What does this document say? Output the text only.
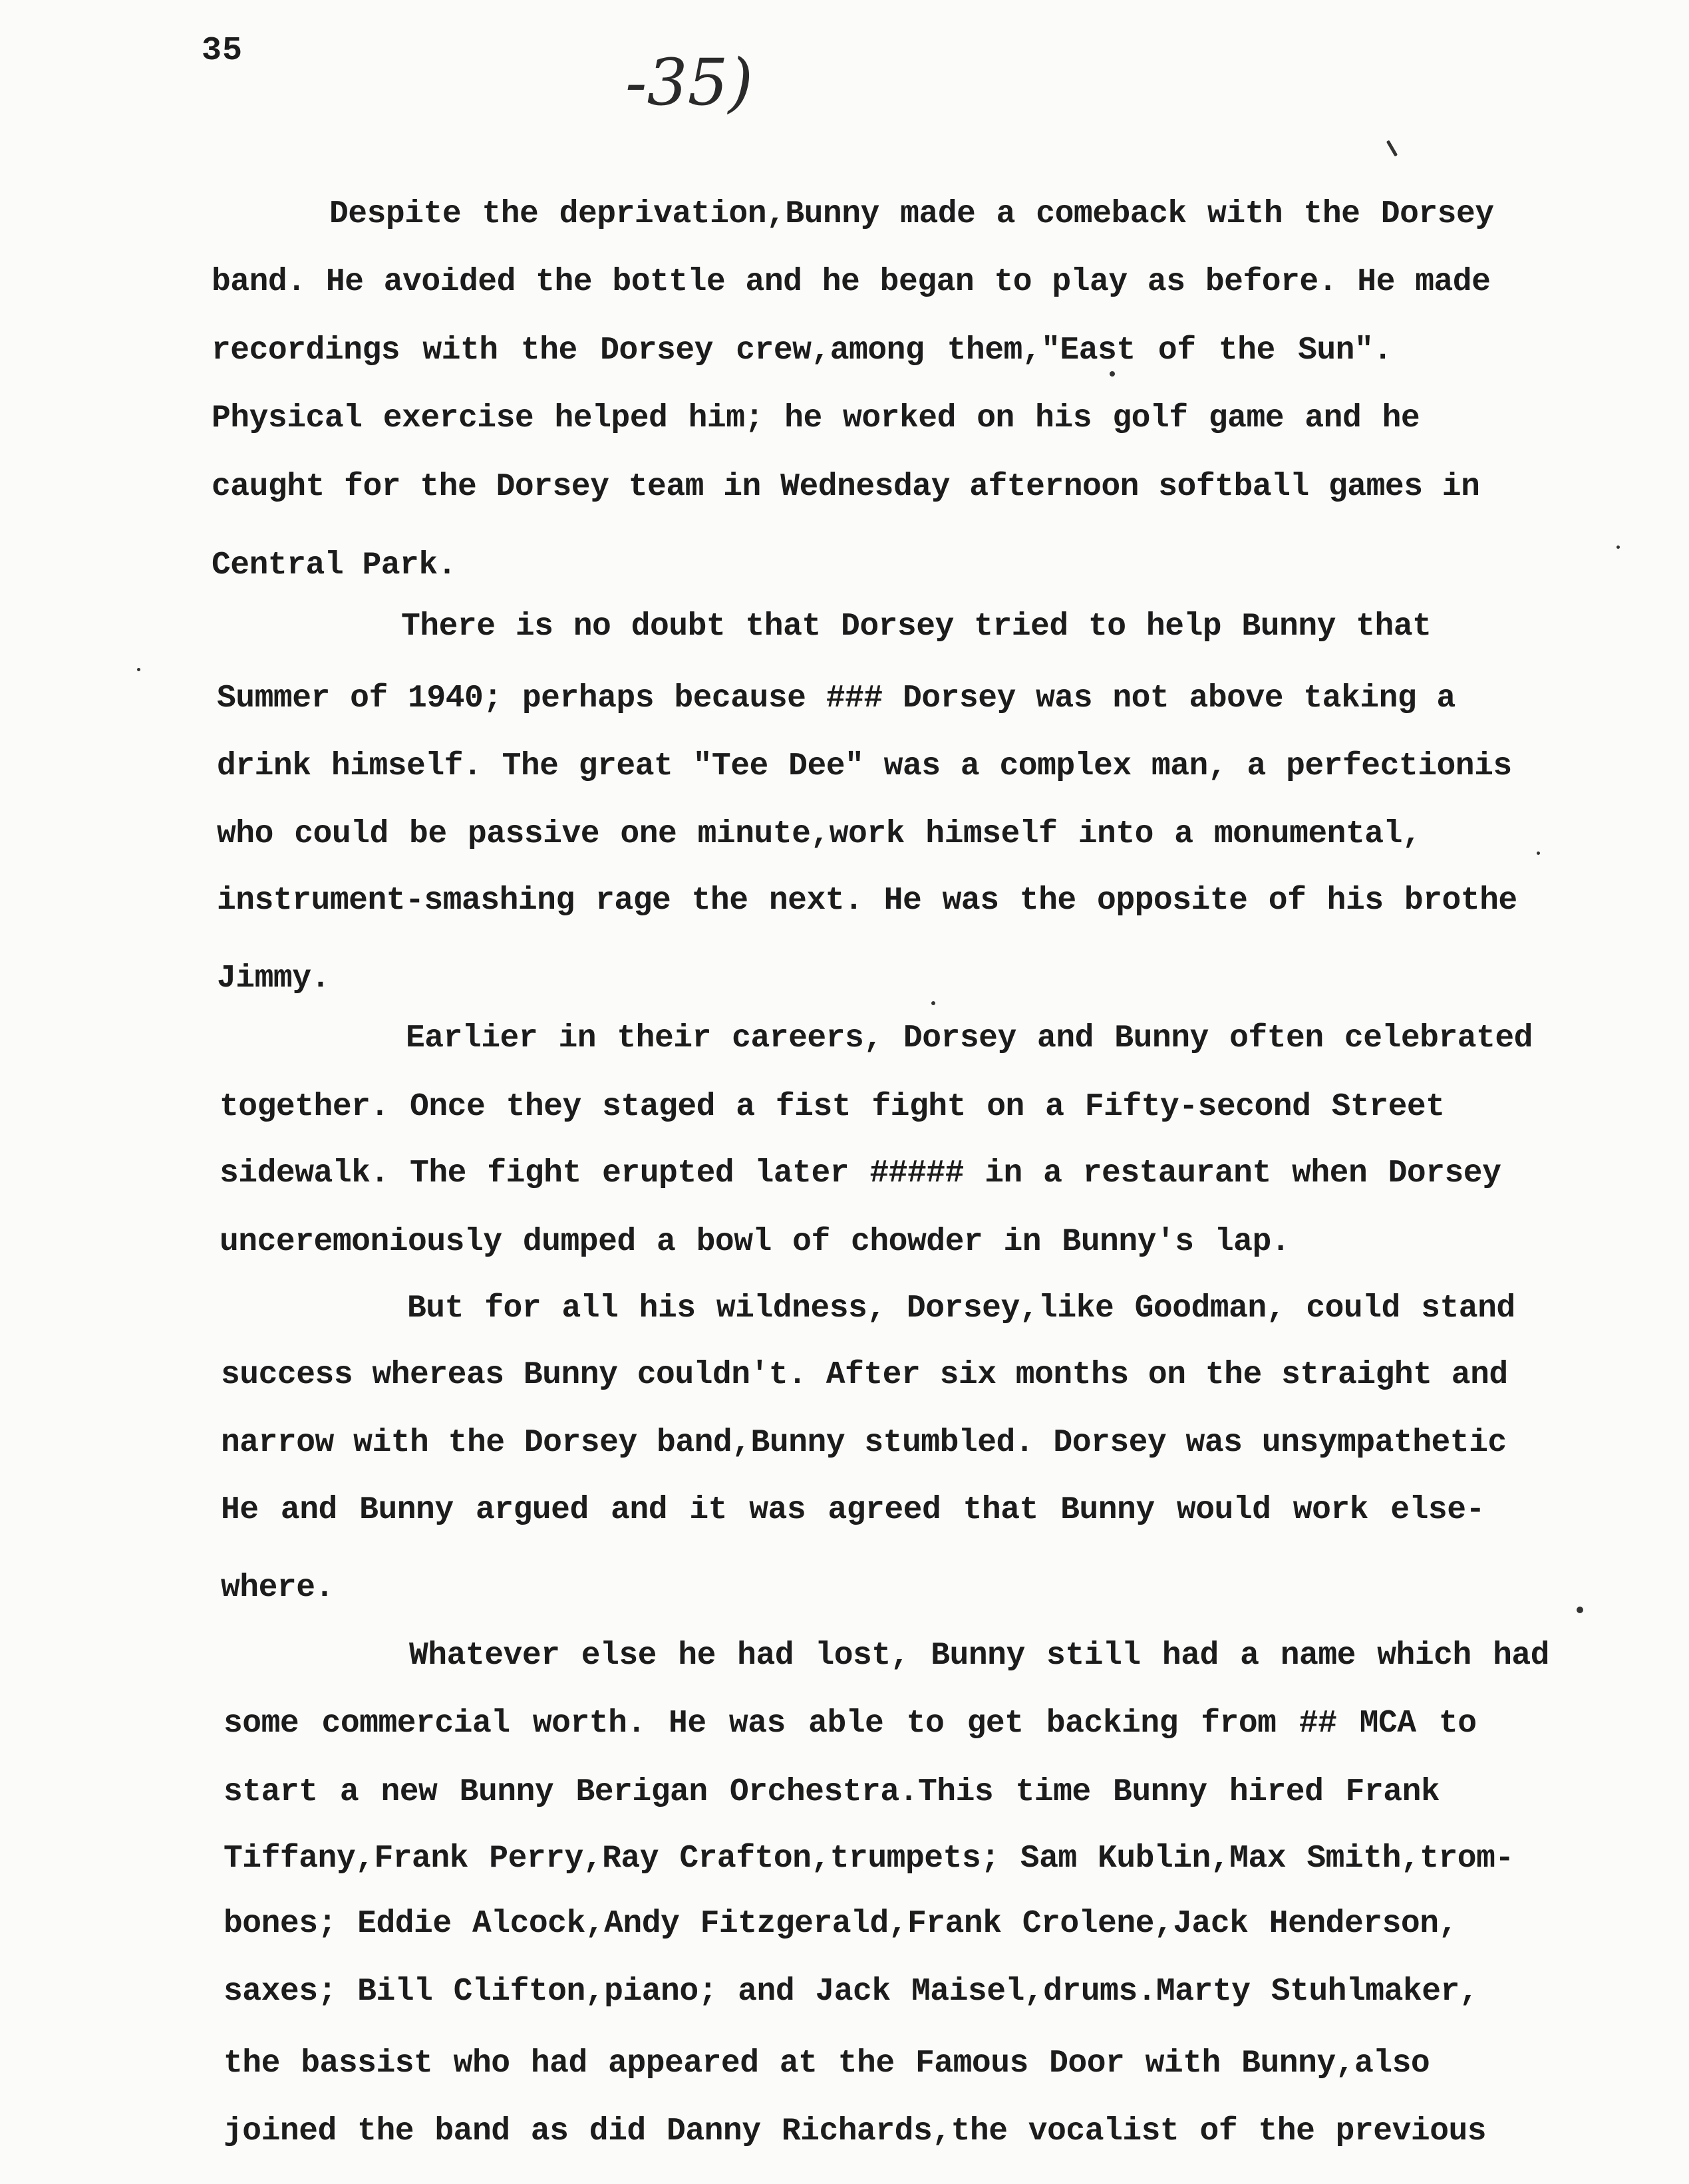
35	-35)
Despite the deprivation,Bunny made a comeback with the Dorsey
band. He avoided the bottle and he began to play as before. He made
recordings with the Dorsey crew,among them,"East of the Sun".
Physical exercise helped him; he worked on his golf game and he
caught for the Dorsey team in Wednesday afternoon softball games in
Central Park.
There is no doubt that Dorsey tried to help Bunny that
Summer of 1940; perhaps because ### Dorsey was not above taking a
drink himself. The great "Tee Dee" was a complex man, a perfectionis
who could be passive one minute,work himself into a monumental,
instrument-smashing rage the next. He was the opposite of his brothe
Jimmy.
Earlier in their careers, Dorsey and Bunny often celebrated
together. Once they staged a fist fight on a Fifty-second Street
sidewalk. The fight erupted later ##### in a restaurant when Dorsey
unceremoniously dumped a bowl of chowder in Bunny's lap.
But for all his wildness, Dorsey,like Goodman, could stand
success whereas Bunny couldn't. After six months on the straight and
narrow with the Dorsey band,Bunny stumbled. Dorsey was unsympathetic
He and Bunny argued and it was agreed that Bunny would work else-
where.
Whatever else he had lost, Bunny still had a name which had
some commercial worth. He was able to get backing from ## MCA to
start a new Bunny Berigan Orchestra.This time Bunny hired Frank
Tiffany,Frank Perry,Ray Crafton,trumpets; Sam Kublin,Max Smith,trom-
bones; Eddie Alcock,Andy Fitzgerald,Frank Crolene,Jack Henderson,
saxes; Bill Clifton,piano; and Jack Maisel,drums.Marty Stuhlmaker,
the bassist who had appeared at the Famous Door with Bunny,also
joined the band as did Danny Richards,the vocalist of the previous
